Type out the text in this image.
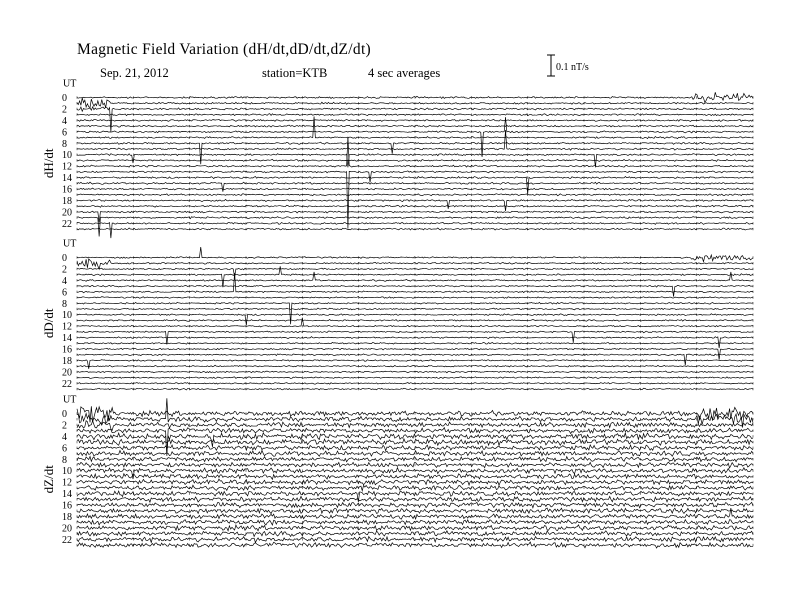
Magnetic Field Variation (dH/dt,dD/dt,dZ/dt)
Sep. 21, 2012	station=KTB	4 sec averages	0.1 nT/s
UT
dH/dt
0
2
4
6
8
10
12
14
16
18
20
22
UT
dD/dt
0
2
4
6
8
10
12
14
16
18
20
22
UT
dZ/dt
0
2
4
6
8
10
12
14
16
18
20
22
